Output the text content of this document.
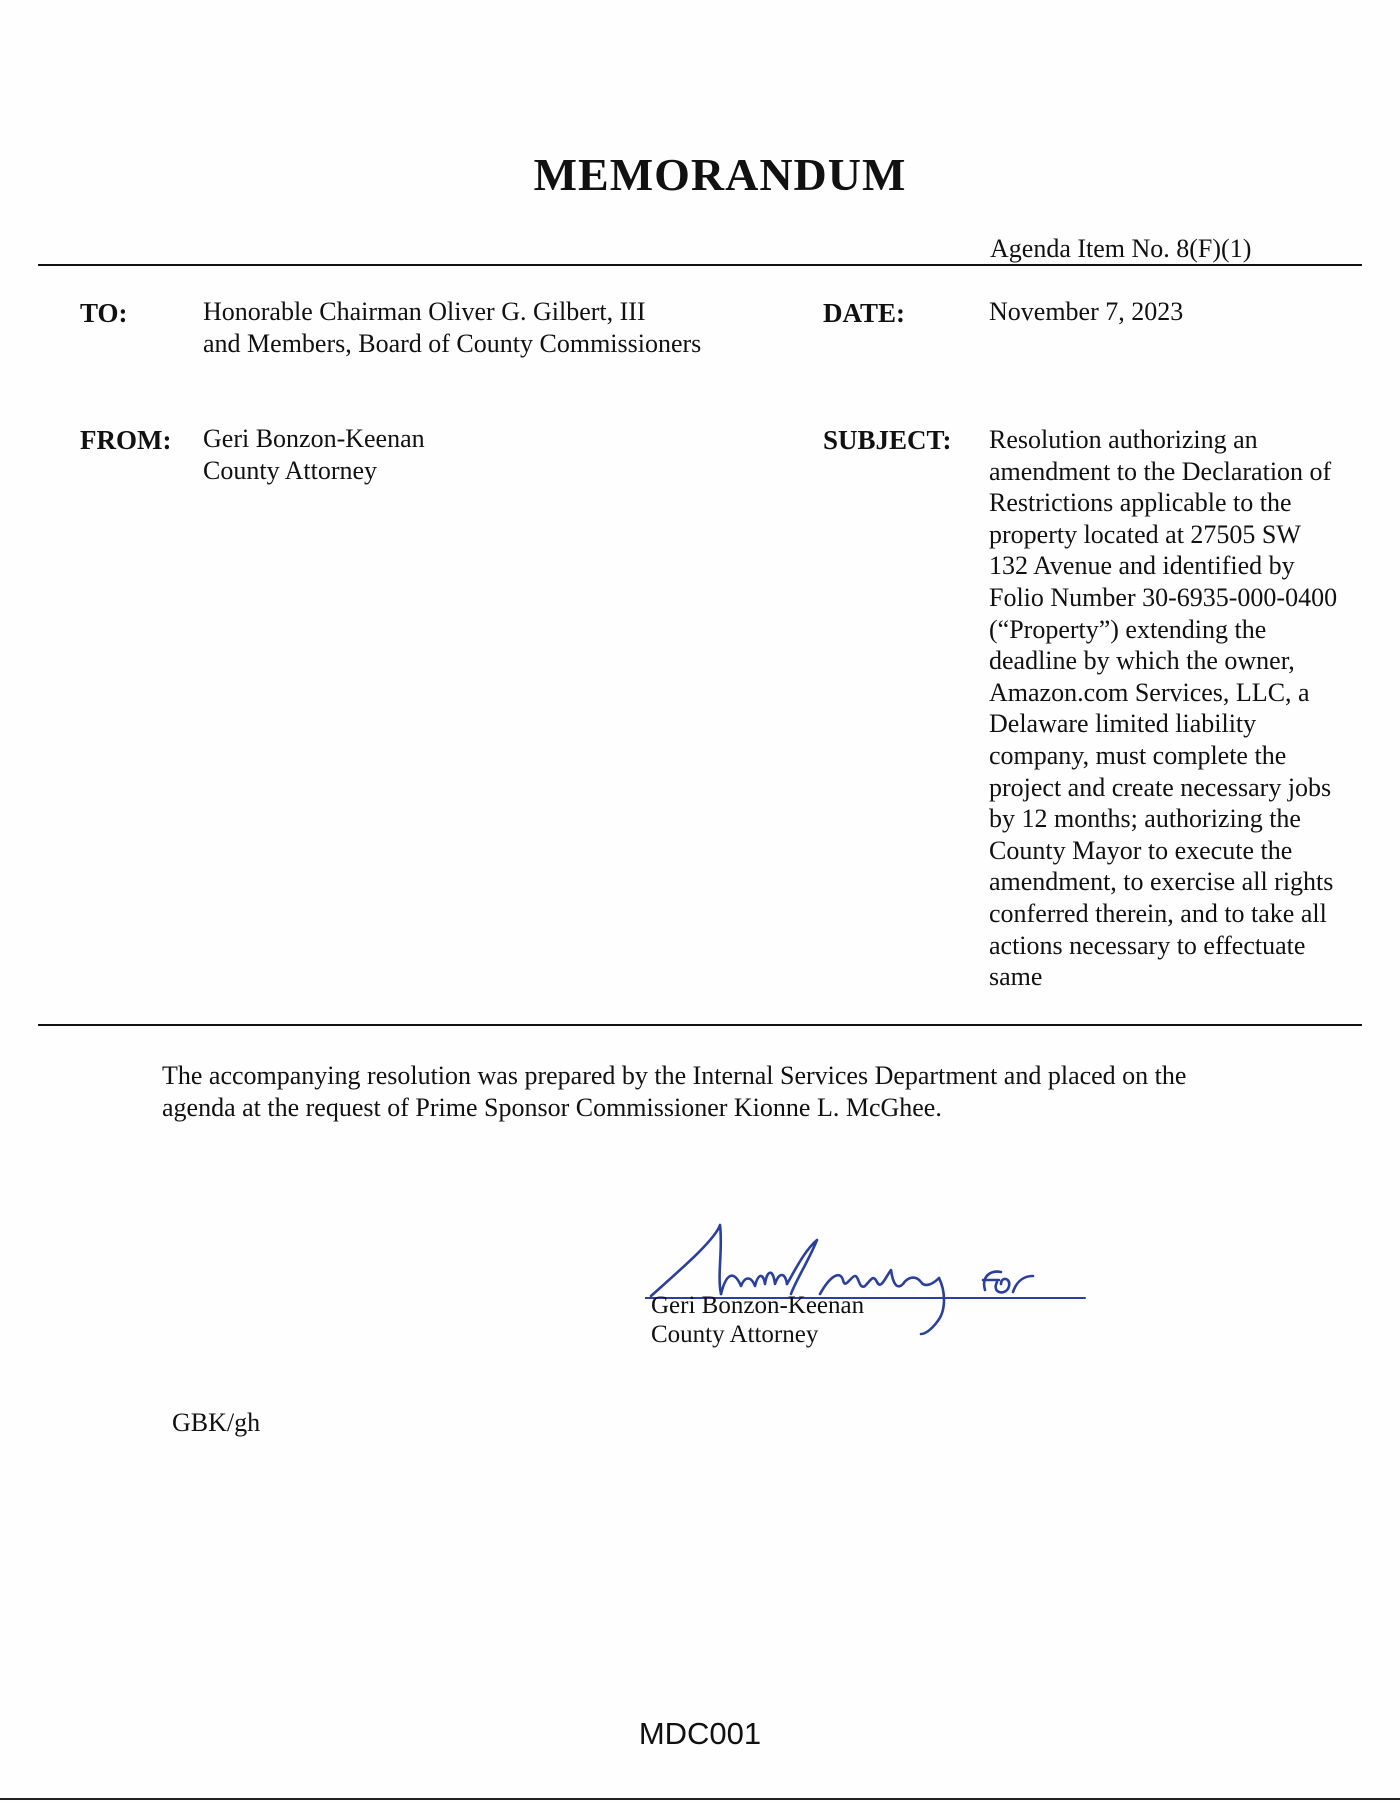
MEMORANDUM
Agenda Item No. 8(F)(1)
TO:	Honorable Chairman Oliver G. Gilbert, III
and Members, Board of County Commissioners
DATE:	November 7, 2023
FROM: Geri Bonzon-Keenan
County Attorney
SUBJECT: Resolution authorizing an
amendment to the Declaration of
Restrictions applicable to the
property located at 27505 SW
132 Avenue and identified by
Folio Number 30-6935-000-0400
(“Property”) extending the
deadline by which the owner,
Amazon.com Services, LLC, a
Delaware limited liability
company, must complete the
project and create necessary jobs
by 12 months; authorizing the
County Mayor to execute the
amendment, to exercise all rights
conferred therein, and to take all
actions necessary to effectuate
same
The accompanying resolution was prepared by the Internal Services Department and placed on the
agenda at the request of Prime Sponsor Commissioner Kionne L. McGhee.
Geri Bonzon-Keenan
County Attorney
GBK/gh
MDC001
